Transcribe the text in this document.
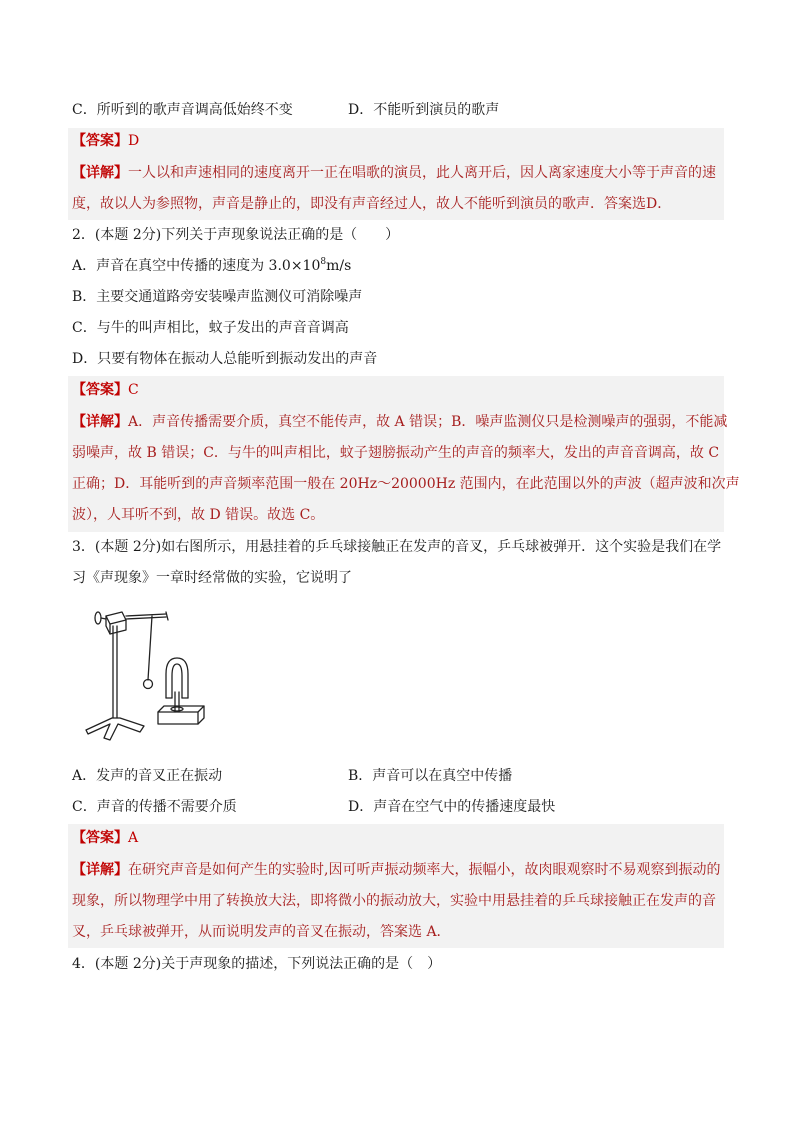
C．所听到的歌声音调高低始终不变	D．不能听到演员的歌声
【答案】D
【详解】一人以和声速相同的速度离开一正在唱歌的演员，此人离开后，因人离家速度大小等于声音的速
度，故以人为参照物，声音是静止的，即没有声音经过人，故人不能听到演员的歌声．答案选D．
2．(本题 2分)下列关于声现象说法正确的是（　　）
A．声音在真空中传播的速度为 $3.0\times 10^8m/s$
B．主要交通道路旁安装噪声监测仪可消除噪声
C．与牛的叫声相比，蚊子发出的声音音调高
D．只要有物体在振动人总能听到振动发出的声音
【答案】C
【详解】A．声音传播需要介质，真空不能传声，故 A 错误；B．噪声监测仪只是检测噪声的强弱，不能减
弱噪声，故 B 错误；C．与牛的叫声相比，蚊子翅膀振动产生的声音的频率大，发出的声音音调高，故 C
正确；D．耳能听到的声音频率范围一般在 20Hz～20000Hz 范围内，在此范围以外的声波（超声波和次声
波），人耳听不到，故 D 错误。故选 C。
3．(本题 2分)如右图所示，用悬挂着的乒乓球接触正在发声的音叉，乒乓球被弹开．这个实验是我们在学
习《声现象》一章时经常做的实验，它说明了
A．发声的音叉正在振动	B．声音可以在真空中传播
C．声音的传播不需要介质	D．声音在空气中的传播速度最快
【答案】A
【详解】在研究声音是如何产生的实验时,因可听声振动频率大，振幅小，故肉眼观察时不易观察到振动的
现象，所以物理学中用了转换放大法，即将微小的振动放大，实验中用悬挂着的乒乓球接触正在发声的音
叉，乒乓球被弹开，从而说明发声的音叉在振动，答案选 A．
4．(本题 2分)关于声现象的描述，下列说法正确的是（　）
